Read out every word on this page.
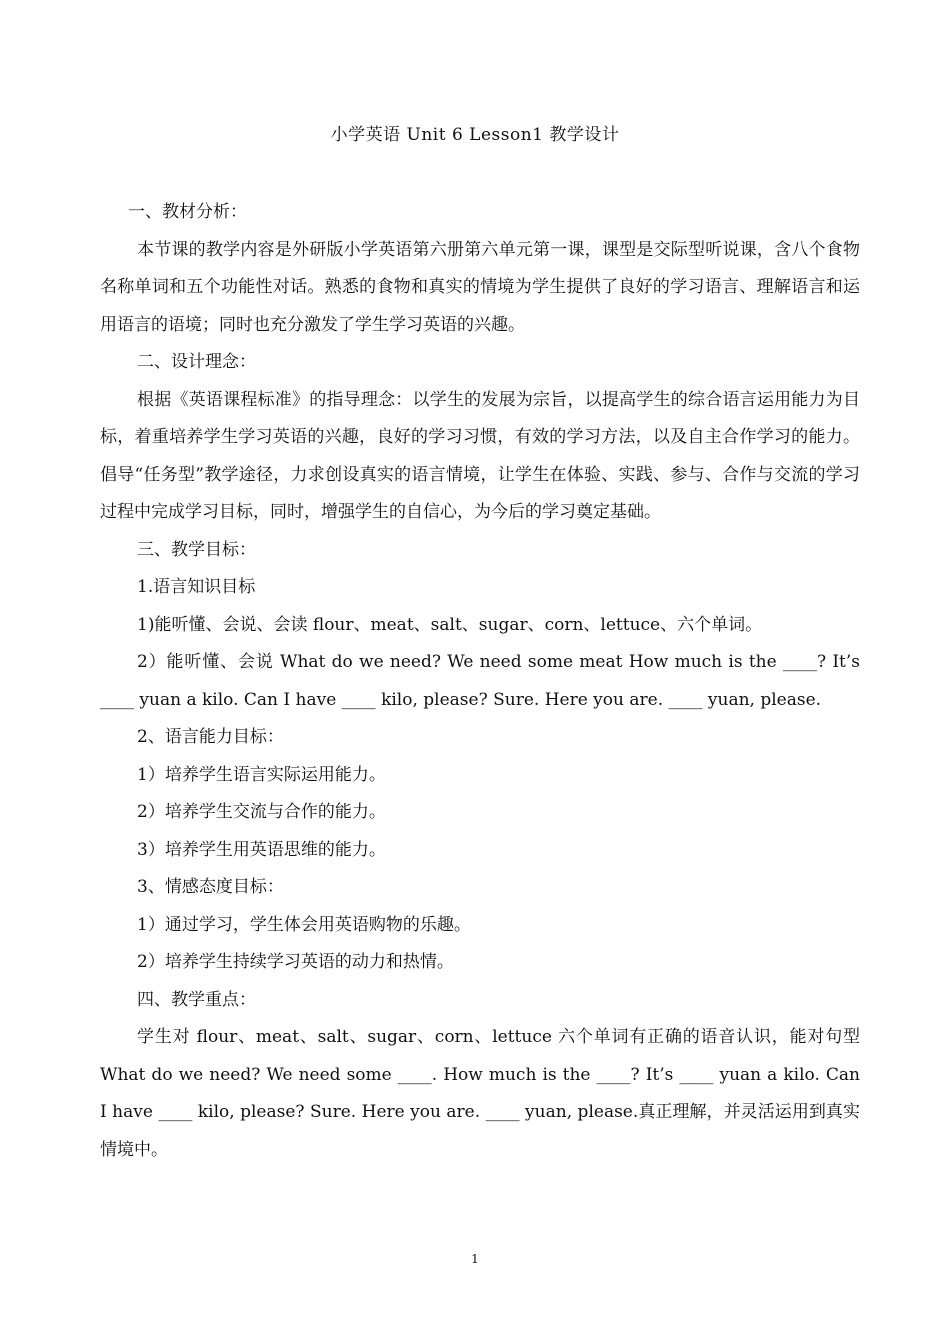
小学英语 Unit 6 Lesson1 教学设计

一、教材分析：

本节课的教学内容是外研版小学英语第六册第六单元第一课，课型是交际型听说课，含八个食物名称单词和五个功能性对话。熟悉的食物和真实的情境为学生提供了良好的学习语言、理解语言和运用语言的语境；同时也充分激发了学生学习英语的兴趣。

二、设计理念：

根据《英语课程标准》的指导理念：以学生的发展为宗旨，以提高学生的综合语言运用能力为目标，着重培养学生学习英语的兴趣，良好的学习习惯，有效的学习方法，以及自主合作学习的能力。倡导“任务型”教学途径，力求创设真实的语言情境，让学生在体验、实践、参与、合作与交流的学习过程中完成学习目标，同时，增强学生的自信心，为今后的学习奠定基础。

三、教学目标：

1.语言知识目标

1)能听懂、会说、会读 flour、meat、salt、sugar、corn、lettuce、六个单词。

2）能听懂、会说 What do we need? We need some meat How much is the ____? It’s ____ yuan a kilo. Can I have ____ kilo, please? Sure. Here you are. ____ yuan, please.

2、语言能力目标：

1）培养学生语言实际运用能力。

2）培养学生交流与合作的能力。

3）培养学生用英语思维的能力。

3、情感态度目标：

1）通过学习，学生体会用英语购物的乐趣。

2）培养学生持续学习英语的动力和热情。

四、教学重点：

学生对 flour、meat、salt、sugar、corn、lettuce 六个单词有正确的语音认识，能对句型 What do we need? We need some ____. How much is the ____? It’s ____ yuan a kilo. Can I have ____ kilo, please? Sure. Here you are. ____ yuan, please.真正理解，并灵活运用到真实情境中。

1
